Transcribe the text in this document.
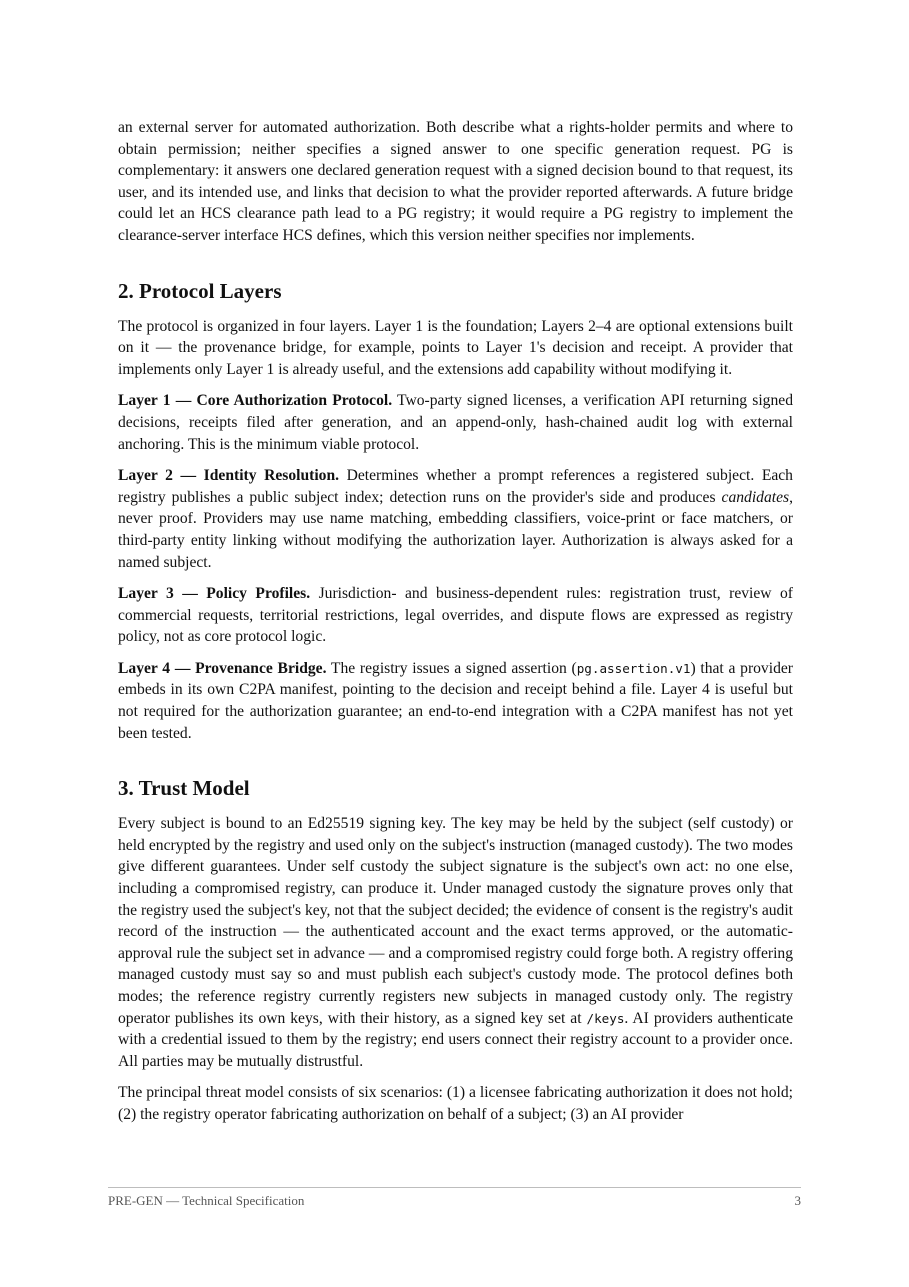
an external server for automated authorization. Both describe what a rights-holder permits and where to obtain permission; neither specifies a signed answer to one specific generation request. PG is complementary: it answers one declared generation request with a signed decision bound to that request, its user, and its intended use, and links that decision to what the provider reported afterwards. A future bridge could let an HCS clearance path lead to a PG registry; it would require a PG registry to implement the clearance-server interface HCS defines, which this version neither specifies nor implements.

2. Protocol Layers

The protocol is organized in four layers. Layer 1 is the foundation; Layers 2–4 are optional extensions built on it — the provenance bridge, for example, points to Layer 1's decision and receipt. A provider that implements only Layer 1 is already useful, and the extensions add capability without modifying it.

Layer 1 — Core Authorization Protocol. Two-party signed licenses, a verification API returning signed decisions, receipts filed after generation, and an append-only, hash-chained audit log with external anchoring. This is the minimum viable protocol.

Layer 2 — Identity Resolution. Determines whether a prompt references a registered subject. Each registry publishes a public subject index; detection runs on the provider's side and produces candidates, never proof. Providers may use name matching, embedding classifiers, voice-print or face matchers, or third-party entity linking without modifying the authorization layer. Authorization is always asked for a named subject.

Layer 3 — Policy Profiles. Jurisdiction- and business-dependent rules: registration trust, review of commercial requests, territorial restrictions, legal overrides, and dispute flows are expressed as registry policy, not as core protocol logic.

Layer 4 — Provenance Bridge. The registry issues a signed assertion (pg.assertion.v1) that a provider embeds in its own C2PA manifest, pointing to the decision and receipt behind a file. Layer 4 is useful but not required for the authorization guarantee; an end-to-end integration with a C2PA manifest has not yet been tested.

3. Trust Model

Every subject is bound to an Ed25519 signing key. The key may be held by the subject (self custody) or held encrypted by the registry and used only on the subject's instruction (managed custody). The two modes give different guarantees. Under self custody the subject signature is the subject's own act: no one else, including a compromised registry, can produce it. Under managed custody the signature proves only that the registry used the subject's key, not that the subject decided; the evidence of consent is the registry's audit record of the instruction — the authenticated account and the exact terms approved, or the automatic-approval rule the subject set in advance — and a compromised registry could forge both. A registry offering managed custody must say so and must publish each subject's custody mode. The protocol defines both modes; the reference registry currently registers new subjects in managed custody only. The registry operator publishes its own keys, with their history, as a signed key set at /keys. AI providers authenticate with a credential issued to them by the registry; end users connect their registry account to a provider once. All parties may be mutually distrustful.

The principal threat model consists of six scenarios: (1) a licensee fabricating authorization it does not hold; (2) the registry operator fabricating authorization on behalf of a subject; (3) an AI provider

PRE-GEN — Technical Specification	3
